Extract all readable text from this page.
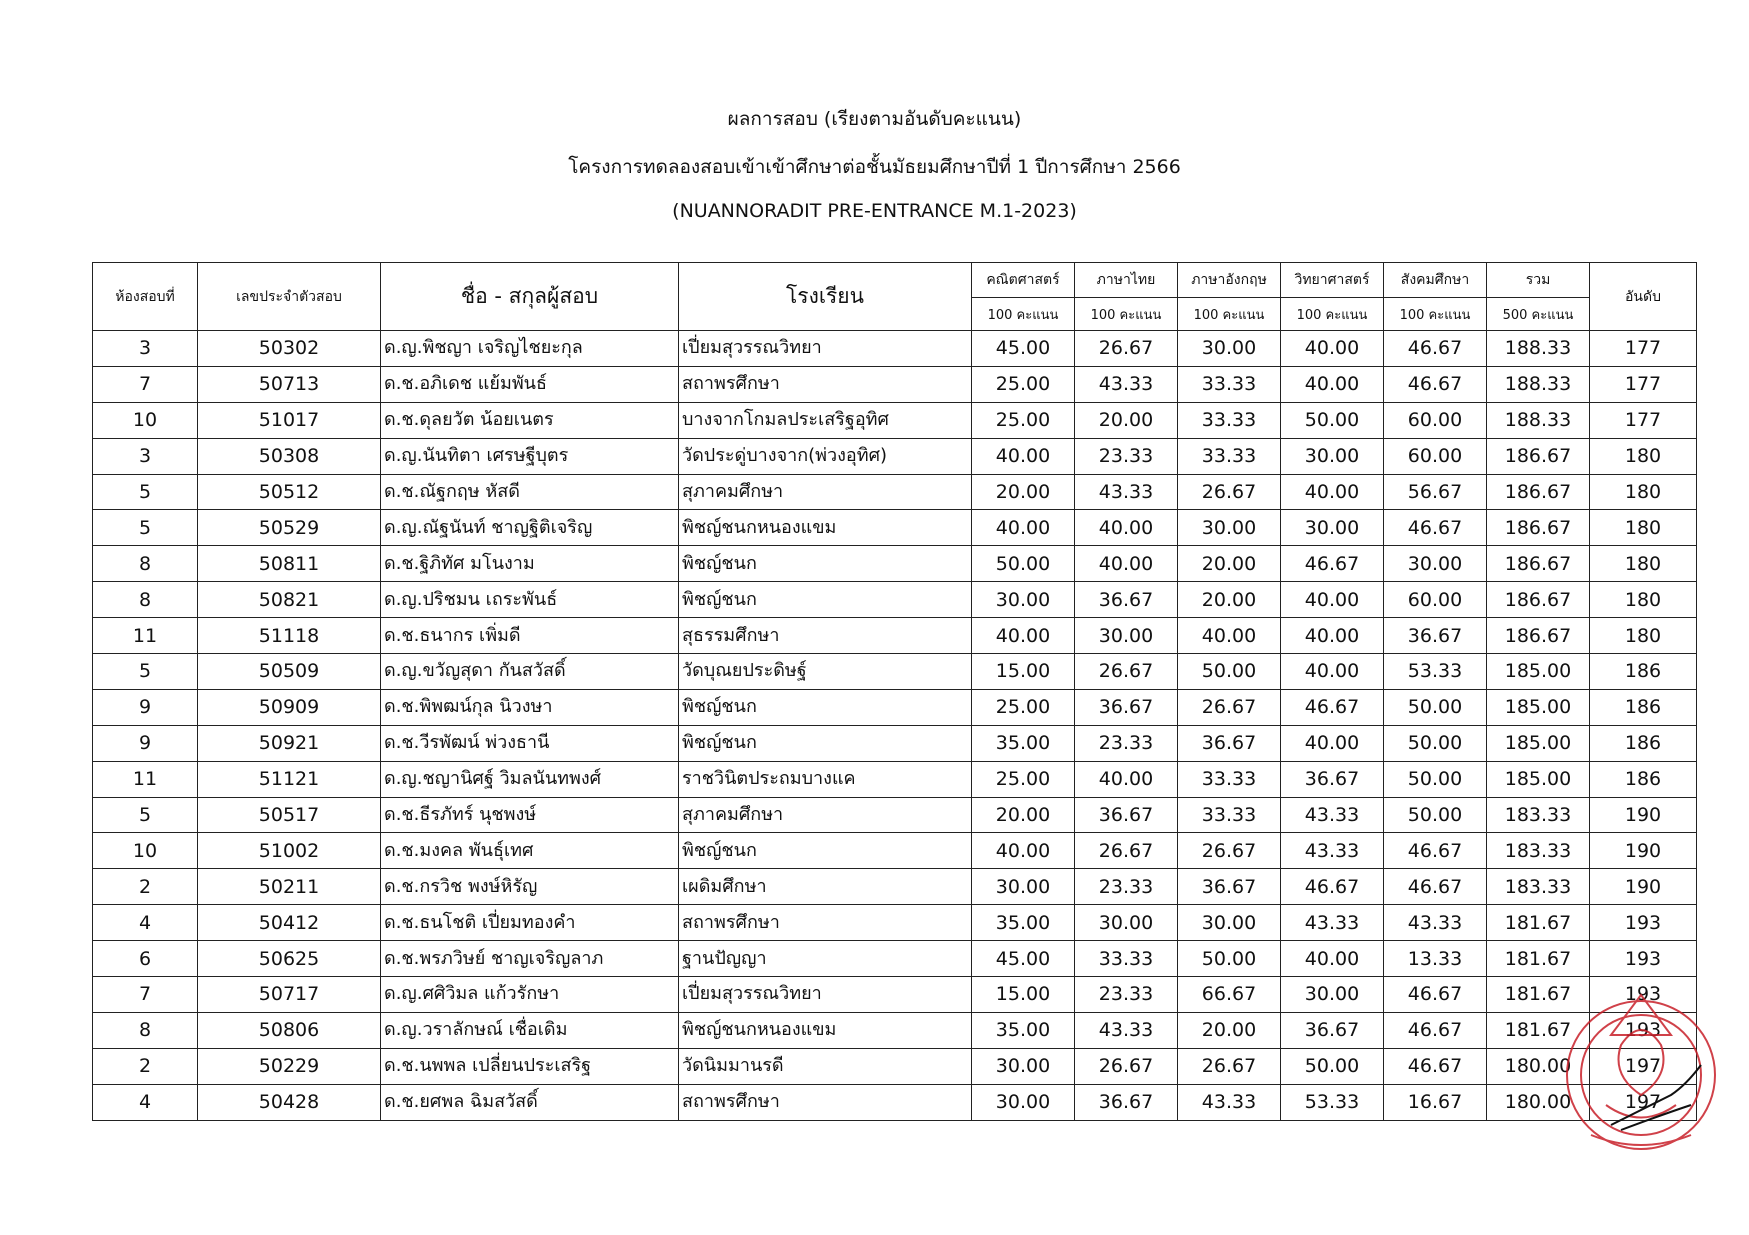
ผลการสอบ (เรียงตามอันดับคะแนน)
โครงการทดลองสอบเข้าเข้าศึกษาต่อชั้นมัธยมศึกษาปีที่ 1 ปีการศึกษา 2566
(NUANNORADIT PRE-ENTRANCE M.1-2023)
ห้องสอบที่	เลขประจำตัวสอบ	ชื่อ - สกุลผู้สอบ	โรงเรียน	คณิตศาสตร์	ภาษาไทย	ภาษาอังกฤษ	วิทยาศาสตร์	สังคมศึกษา	รวม	อันดับ
				100 คะแนน	100 คะแนน	100 คะแนน	100 คะแนน	100 คะแนน	500 คะแนน	
3	50302	ด.ญ.พิชญา เจริญไชยะกุล	เปี่ยมสุวรรณวิทยา	45.00	26.67	30.00	40.00	46.67	188.33	177
7	50713	ด.ช.อภิเดช แย้มพันธ์	สถาพรศึกษา	25.00	43.33	33.33	40.00	46.67	188.33	177
10	51017	ด.ช.ดุลยวัต น้อยเนตร	บางจากโกมลประเสริฐอุทิศ	25.00	20.00	33.33	50.00	60.00	188.33	177
3	50308	ด.ญ.นันทิตา เศรษฐีบุตร	วัดประดู่บางจาก(พ่วงอุทิศ)	40.00	23.33	33.33	30.00	60.00	186.67	180
5	50512	ด.ช.ณัฐกฤษ หัสดี	สุภาคมศึกษา	20.00	43.33	26.67	40.00	56.67	186.67	180
5	50529	ด.ญ.ณัฐนันท์ ชาญฐิติเจริญ	พิชญ์ชนกหนองแขม	40.00	40.00	30.00	30.00	46.67	186.67	180
8	50811	ด.ช.ฐิภิทัศ มโนงาม	พิชญ์ชนก	50.00	40.00	20.00	46.67	30.00	186.67	180
8	50821	ด.ญ.ปริชมน เถระพันธ์	พิชญ์ชนก	30.00	36.67	20.00	40.00	60.00	186.67	180
11	51118	ด.ช.ธนากร เพิ่มดี	สุธรรมศึกษา	40.00	30.00	40.00	40.00	36.67	186.67	180
5	50509	ด.ญ.ขวัญสุดา กันสวัสดิ์	วัดบุณยประดิษฐ์	15.00	26.67	50.00	40.00	53.33	185.00	186
9	50909	ด.ช.พิพฒน์กุล นิวงษา	พิชญ์ชนก	25.00	36.67	26.67	46.67	50.00	185.00	186
9	50921	ด.ช.วีรพัฒน์ พ่วงธานี	พิชญ์ชนก	35.00	23.33	36.67	40.00	50.00	185.00	186
11	51121	ด.ญ.ชญานิศฐ์ วิมลนันทพงศ์	ราชวินิตประถมบางแค	25.00	40.00	33.33	36.67	50.00	185.00	186
5	50517	ด.ช.ธีรภัทร์ นุชพงษ์	สุภาคมศึกษา	20.00	36.67	33.33	43.33	50.00	183.33	190
10	51002	ด.ช.มงคล พันธุ์เทศ	พิชญ์ชนก	40.00	26.67	26.67	43.33	46.67	183.33	190
2	50211	ด.ช.กรวิช พงษ์หิรัญ	เผดิมศึกษา	30.00	23.33	36.67	46.67	46.67	183.33	190
4	50412	ด.ช.ธนโชติ เปี่ยมทองคำ	สถาพรศึกษา	35.00	30.00	30.00	43.33	43.33	181.67	193
6	50625	ด.ช.พรภวิษย์ ชาญเจริญลาภ	ฐานปัญญา	45.00	33.33	50.00	40.00	13.33	181.67	193
7	50717	ด.ญ.ศศิวิมล แก้วรักษา	เปี่ยมสุวรรณวิทยา	15.00	23.33	66.67	30.00	46.67	181.67	193
8	50806	ด.ญ.วราลักษณ์ เชื่อเดิม	พิชญ์ชนกหนองแขม	35.00	43.33	20.00	36.67	46.67	181.67	193
2	50229	ด.ช.นพพล เปลี่ยนประเสริฐ	วัดนิมมานรดี	30.00	26.67	26.67	50.00	46.67	180.00	197
4	50428	ด.ช.ยศพล ฉิมสวัสดิ์	สถาพรศึกษา	30.00	36.67	43.33	53.33	16.67	180.00	197
